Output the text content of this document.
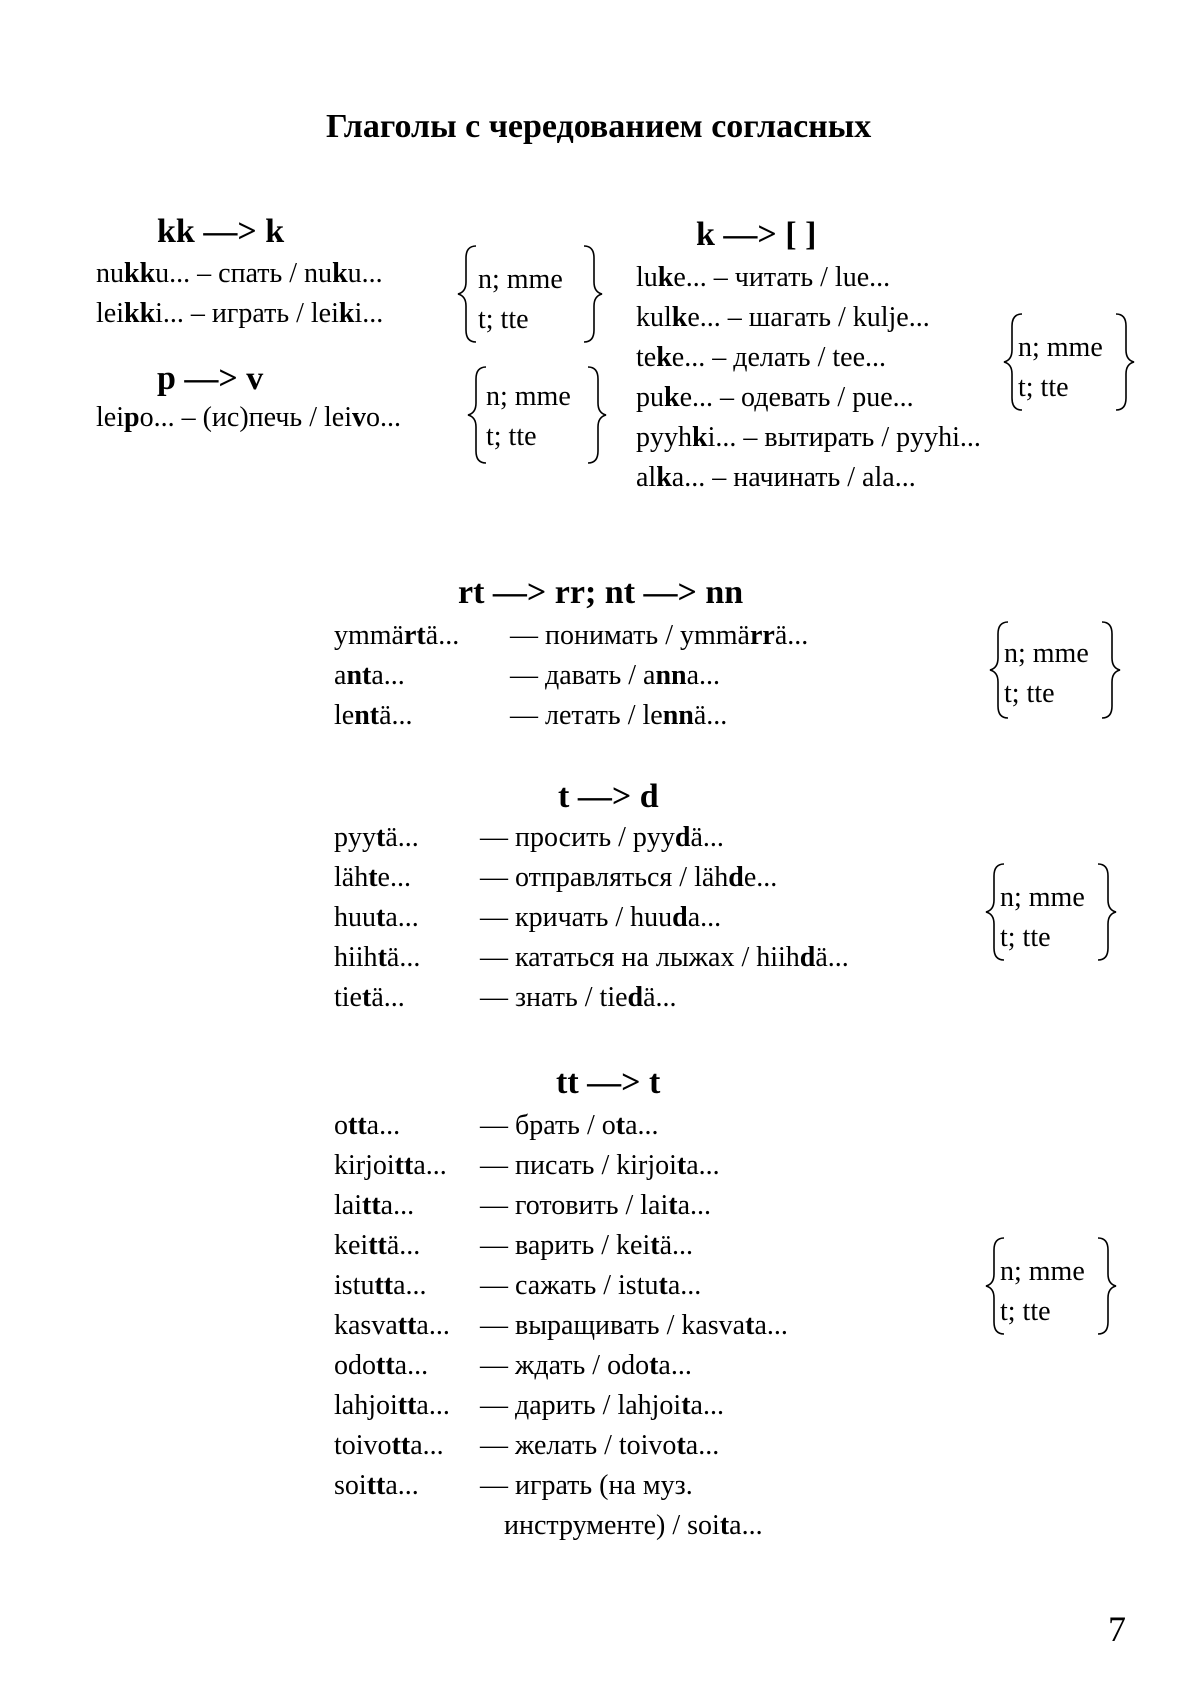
Глаголы с чередованием согласных
kk —> k
nukku... – спать / nuku...
leikki... – играть / leiki...
n; mme
t; tte
p —> v
leipo... – (ис)печь / leivo...
n; mme
t; tte
k —> [ ]
luke... – читать / lue...
kulke... – шагать / kulje...
teke... – делать / tee...
puke... – одевать / pue...
pyyhki... – вытирать / pyyhi...
alka... – начинать / ala...
n; mme
t; tte
rt —> rr; nt —> nn
ymmärtä... — понимать / ymmärrä...
anta...	— давать / anna...
lentä...	— летать / lennä...
n; mme
t; tte
t —> d
pyytä... — просить / pyydä...
lähte... — отправляться / lähde...
huuta... — кричать / huuda...
hiihtä... — кататься на лыжах / hiihdä...
tietä...	— знать / tiedä...
n; mme
t; tte
tt —> t
otta...	— брать / ota...
kirjoitta... — писать / kirjoita...
laitta... — готовить / laita...
keittä... — варить / keitä...
istutta... — сажать / istuta...
kasvatta... — выращивать / kasvata...
odotta... — ждать / odota...
lahjoitta... — дарить / lahjoita...
toivotta... — желать / toivota...
soitta... — играть (на муз.
инструменте) / soita...
n; mme
t; tte
7
